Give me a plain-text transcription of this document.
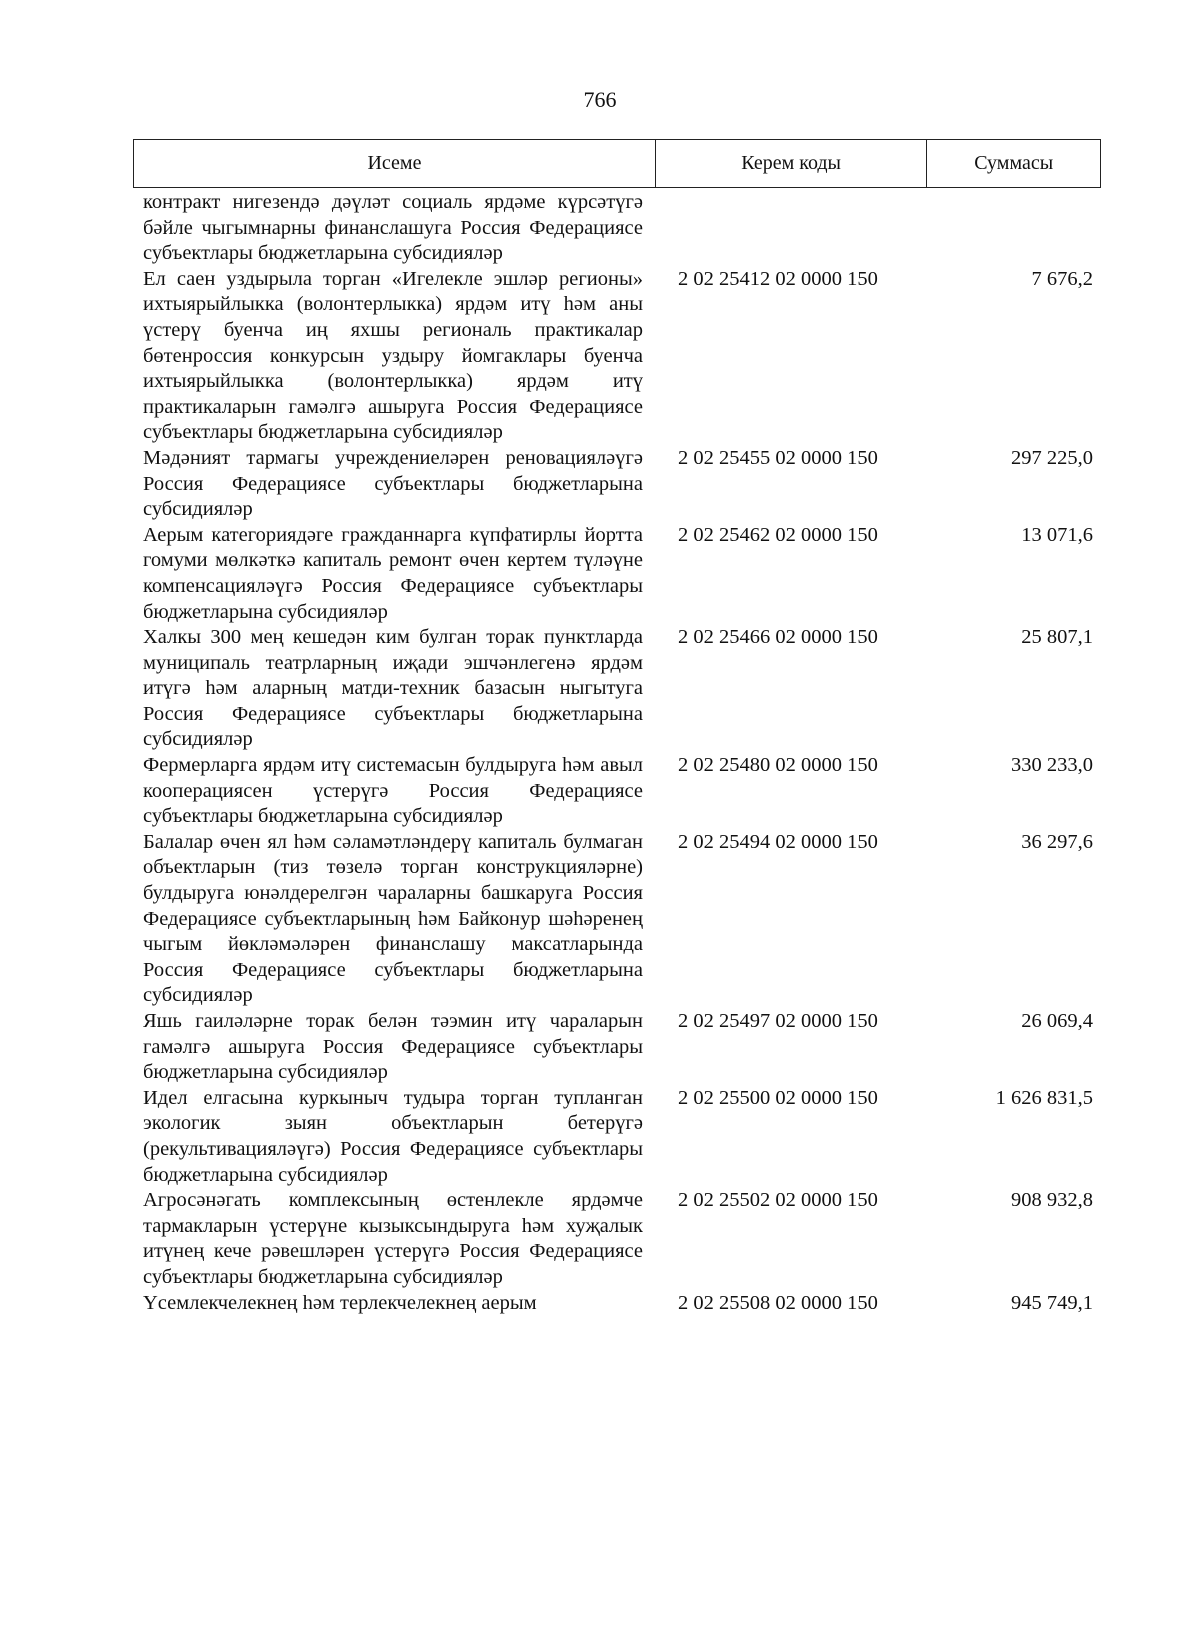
766
Исеме	Керем коды	Суммасы
контракт нигезендә дәүләт социаль ярдәме күрсәтүгә бәйле чыгымнарны финанслашуга Россия Федерациясе субъектлары бюджетларына субсидияләр
Ел саен уздырыла торган «Игелекле эшләр регионы» ихтыярыйлыкка (волонтерлыкка) ярдәм итү һәм аны үстерү буенча иң яхшы региональ практикалар бөтенроссия конкурсын уздыру йомгаклары буенча ихтыярыйлыкка (волонтерлыкка) ярдәм итү практикаларын гамәлгә ашыруга Россия Федерациясе субъектлары бюджетларына субсидияләр
2 02 25412 02 0000 150	7 676,2
Мәдәният тармагы учреждениеләрен реновацияләүгә Россия Федерациясе субъектлары бюджетларына субсидияләр
2 02 25455 02 0000 150	297 225,0
Аерым категориядәге гражданнарга күпфатирлы йортта гомуми мөлкәткә капиталь ремонт өчен кертем түләүне компенсацияләүгә Россия Федерациясе субъектлары бюджетларына субсидияләр
2 02 25462 02 0000 150	13 071,6
Халкы 300 мең кешедән ким булган торак пунктларда муниципаль театрларның иҗади эшчәнлегенә ярдәм итүгә һәм аларның матди-техник базасын ныгытуга Россия Федерациясе субъектлары бюджетларына субсидияләр
2 02 25466 02 0000 150	25 807,1
Фермерларга ярдәм итү системасын булдыруга һәм авыл кооперациясен үстерүгә Россия Федерациясе субъектлары бюджетларына субсидияләр
2 02 25480 02 0000 150	330 233,0
Балалар өчен ял һәм сәламәтләндерү капиталь булмаган объектларын (тиз төзелә торган конструкцияләрне) булдыруга юнәлдерелгән чараларны башкаруга Россия Федерациясе субъектларының һәм Байконур шәһәренең чыгым йөкләмәләрен финанслашу максатларында Россия Федерациясе субъектлары бюджетларына субсидияләр
2 02 25494 02 0000 150	36 297,6
Яшь гаиләләрне торак белән тәэмин итү чараларын гамәлгә ашыруга Россия Федерациясе субъектлары бюджетларына субсидияләр
2 02 25497 02 0000 150	26 069,4
Идел елгасына куркыныч тудыра торган тупланган экологик зыян объектларын бетерүгә (рекультивацияләүгә) Россия Федерациясе субъектлары бюджетларына субсидияләр
2 02 25500 02 0000 150	1 626 831,5
Агросәнәгать комплексының өстенлекле ярдәмче тармакларын үстерүне кызыксындыруга һәм хуҗалык итүнең кече рәвешләрен үстерүгә Россия Федерациясе субъектлары бюджетларына субсидияләр
2 02 25502 02 0000 150	908 932,8
Үсемлекчелекнең һәм терлекчелекнең аерым	2 02 25508 02 0000 150	945 749,1
